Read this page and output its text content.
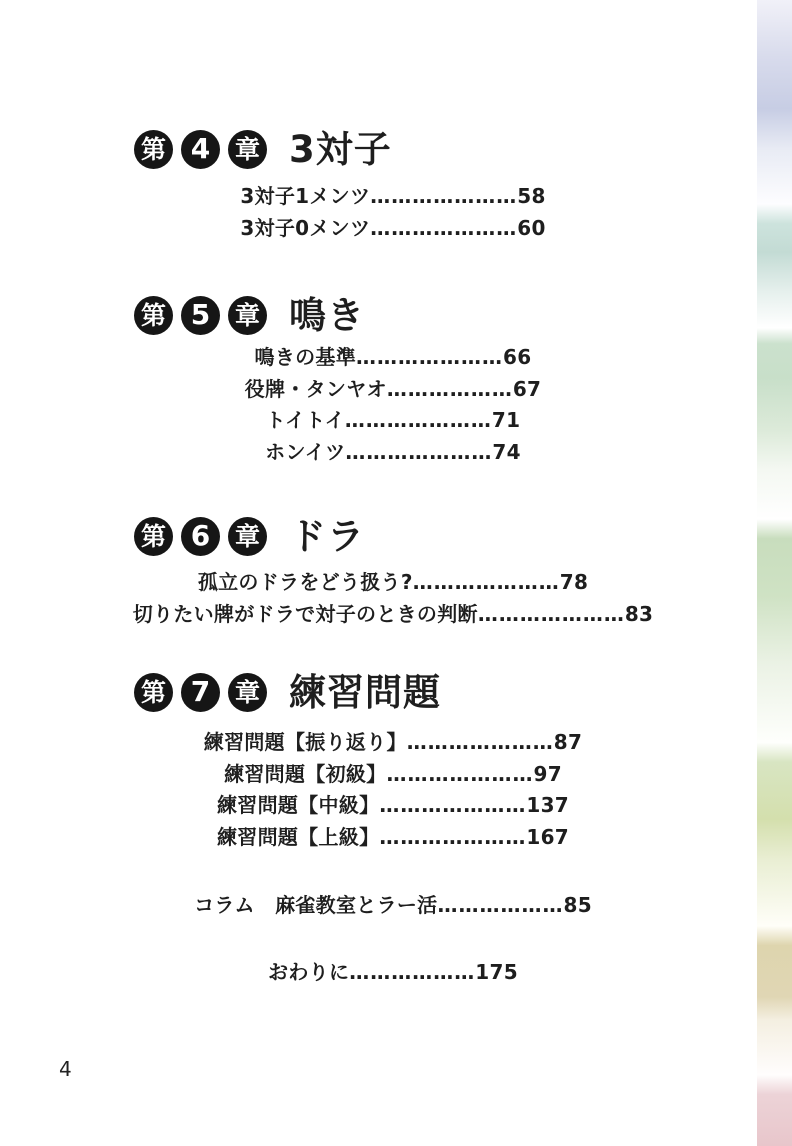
第 4 章 3対子
3対子1メンツ…………………58
3対子0メンツ…………………60
第 5 章 鳴き
鳴きの基準…………………66
役牌・タンヤオ………………67
トイトイ…………………71
ホンイツ…………………74
第 6 章 ドラ
孤立のドラをどう扱う?…………………78
切りたい牌がドラで対子のときの判断…………………83
第 7 章 練習問題
練習問題【振り返り】…………………87
練習問題【初級】…………………97
練習問題【中級】…………………137
練習問題【上級】…………………167
コラム　麻雀教室とラー活………………85
おわりに………………175
4
